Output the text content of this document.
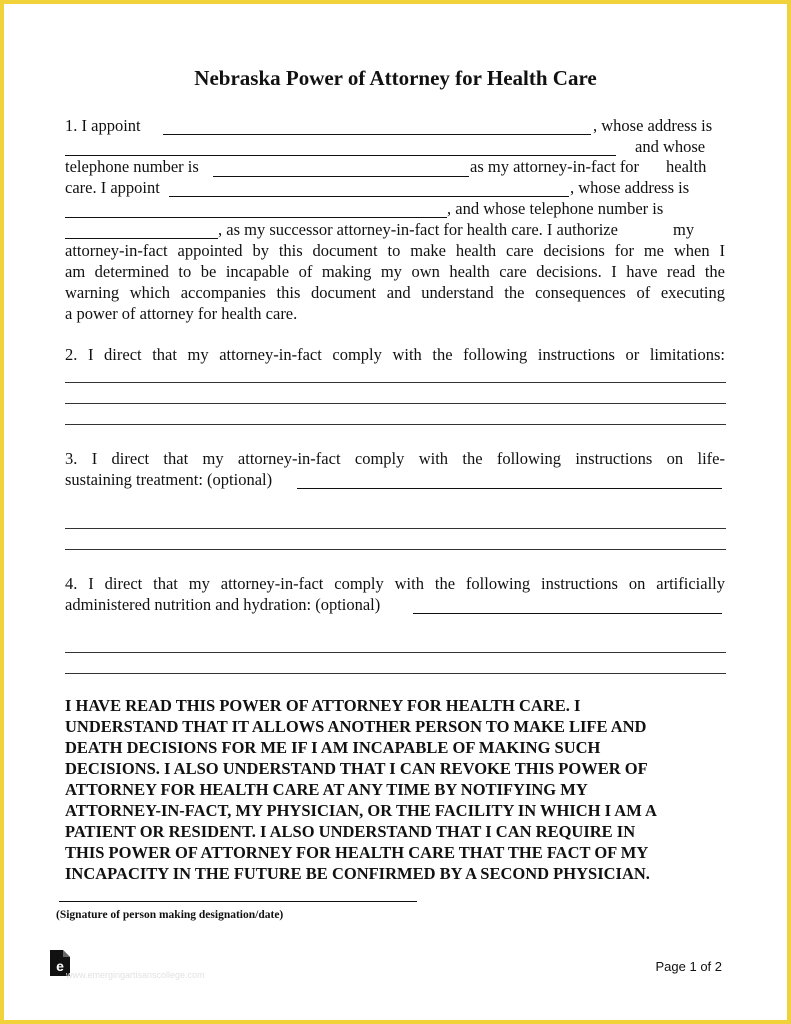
Nebraska Power of Attorney for Health Care
1. I appoint	, whose address is
and whose
telephone number is	as my attorney-in-fact for health
care. I appoint	, whose address is
, and whose telephone number is
, as my successor attorney-in-fact for health care. I authorize	my
attorney-in-fact appointed by this document to make health care decisions for me when I
am determined to be incapable of making my own health care decisions. I have read the
warning which accompanies this document and understand the consequences of executing
a power of attorney for health care.
2. I direct that my attorney-in-fact comply with the following instructions or limitations:
3. I direct that my attorney-in-fact comply with the following instructions on life-
sustaining treatment: (optional)
4. I direct that my attorney-in-fact comply with the following instructions on artificially
administered nutrition and hydration: (optional)
I HAVE READ THIS POWER OF ATTORNEY FOR HEALTH CARE. I
UNDERSTAND THAT IT ALLOWS ANOTHER PERSON TO MAKE LIFE AND
DEATH DECISIONS FOR ME IF I AM INCAPABLE OF MAKING SUCH
DECISIONS. I ALSO UNDERSTAND THAT I CAN REVOKE THIS POWER OF
ATTORNEY FOR HEALTH CARE AT ANY TIME BY NOTIFYING MY
ATTORNEY-IN-FACT, MY PHYSICIAN, OR THE FACILITY IN WHICH I AM A
PATIENT OR RESIDENT. I ALSO UNDERSTAND THAT I CAN REQUIRE IN
THIS POWER OF ATTORNEY FOR HEALTH CARE THAT THE FACT OF MY
INCAPACITY IN THE FUTURE BE CONFIRMED BY A SECOND PHYSICIAN.
(Signature of person making designation/date)
e
www.emergingartisanscollege.com
Page 1 of 2
